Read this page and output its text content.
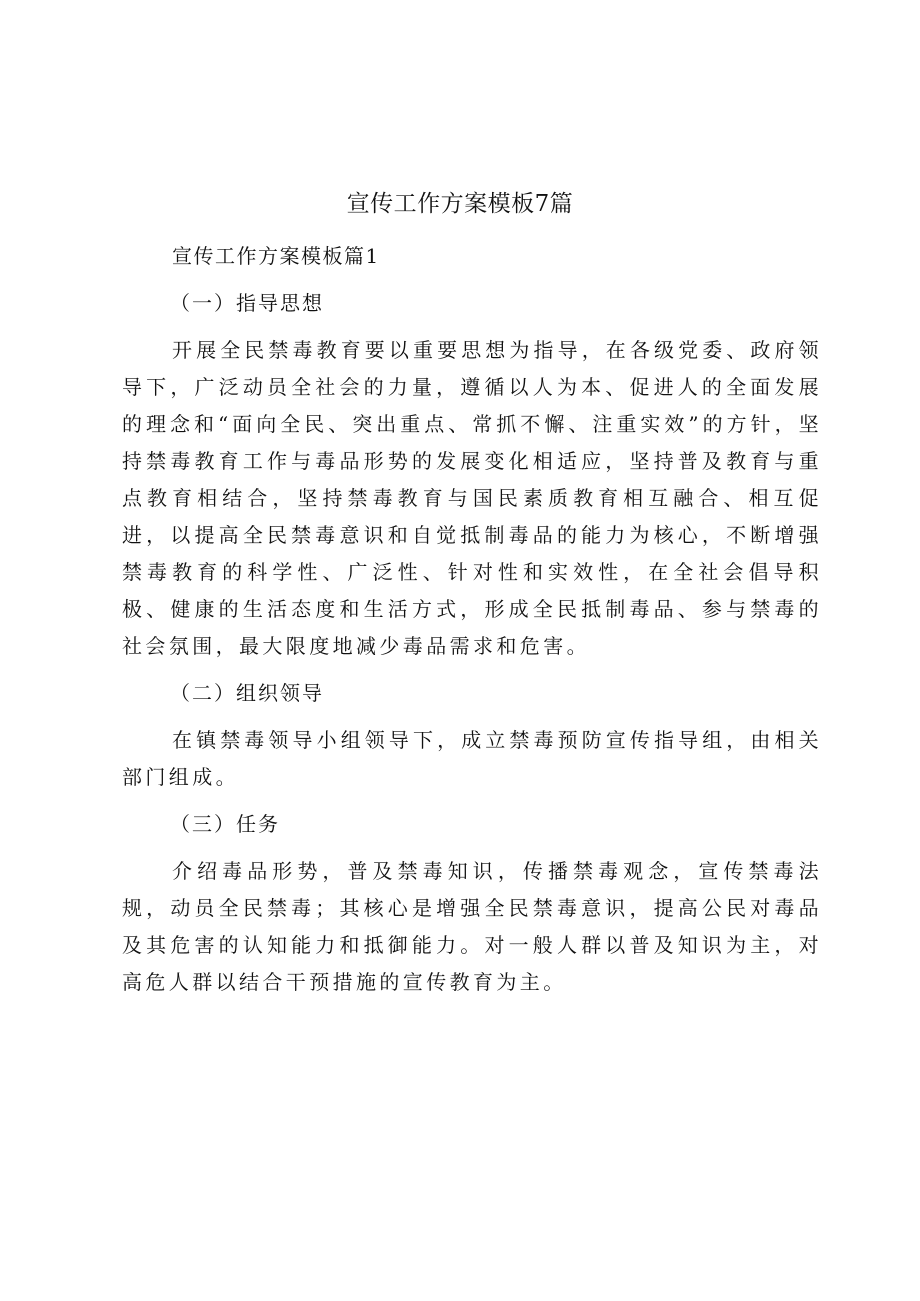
宣传工作方案模板7篇

宣传工作方案模板篇1

（一）指导思想

开展全民禁毒教育要以重要思想为指导，在各级党委、政府领导下，广泛动员全社会的力量，遵循以人为本、促进人的全面发展的理念和“面向全民、突出重点、常抓不懈、注重实效”的方针，坚持禁毒教育工作与毒品形势的发展变化相适应，坚持普及教育与重点教育相结合，坚持禁毒教育与国民素质教育相互融合、相互促进，以提高全民禁毒意识和自觉抵制毒品的能力为核心，不断增强禁毒教育的科学性、广泛性、针对性和实效性，在全社会倡导积极、健康的生活态度和生活方式，形成全民抵制毒品、参与禁毒的社会氛围，最大限度地减少毒品需求和危害。

（二）组织领导

在镇禁毒领导小组领导下，成立禁毒预防宣传指导组，由相关部门组成。

（三）任务

介绍毒品形势，普及禁毒知识，传播禁毒观念，宣传禁毒法规，动员全民禁毒；其核心是增强全民禁毒意识，提高公民对毒品及其危害的认知能力和抵御能力。对一般人群以普及知识为主，对高危人群以结合干预措施的宣传教育为主。
